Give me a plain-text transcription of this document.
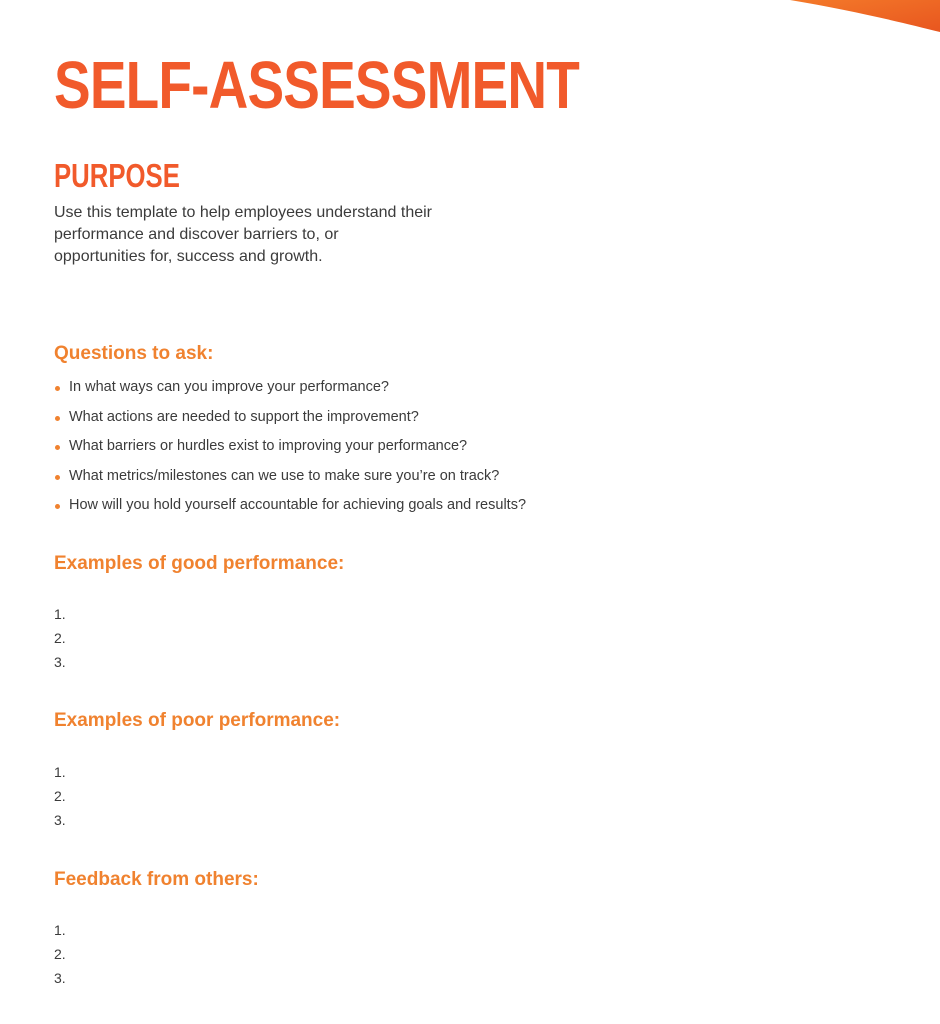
SELF-ASSESSMENT
PURPOSE

Use this template to help employees understand their performance and discover barriers to, or opportunities for, success and growth.

Questions to ask:
In what ways can you improve your performance?
What actions are needed to support the improvement?
What barriers or hurdles exist to improving your performance?
What metrics/milestones can we use to make sure you’re on track?
How will you hold yourself accountable for achieving goals and results?
Examples of good performance:
1.
2.
3.
Examples of poor performance:
1.
2.
3.
Feedback from others:
1.
2.
3.
